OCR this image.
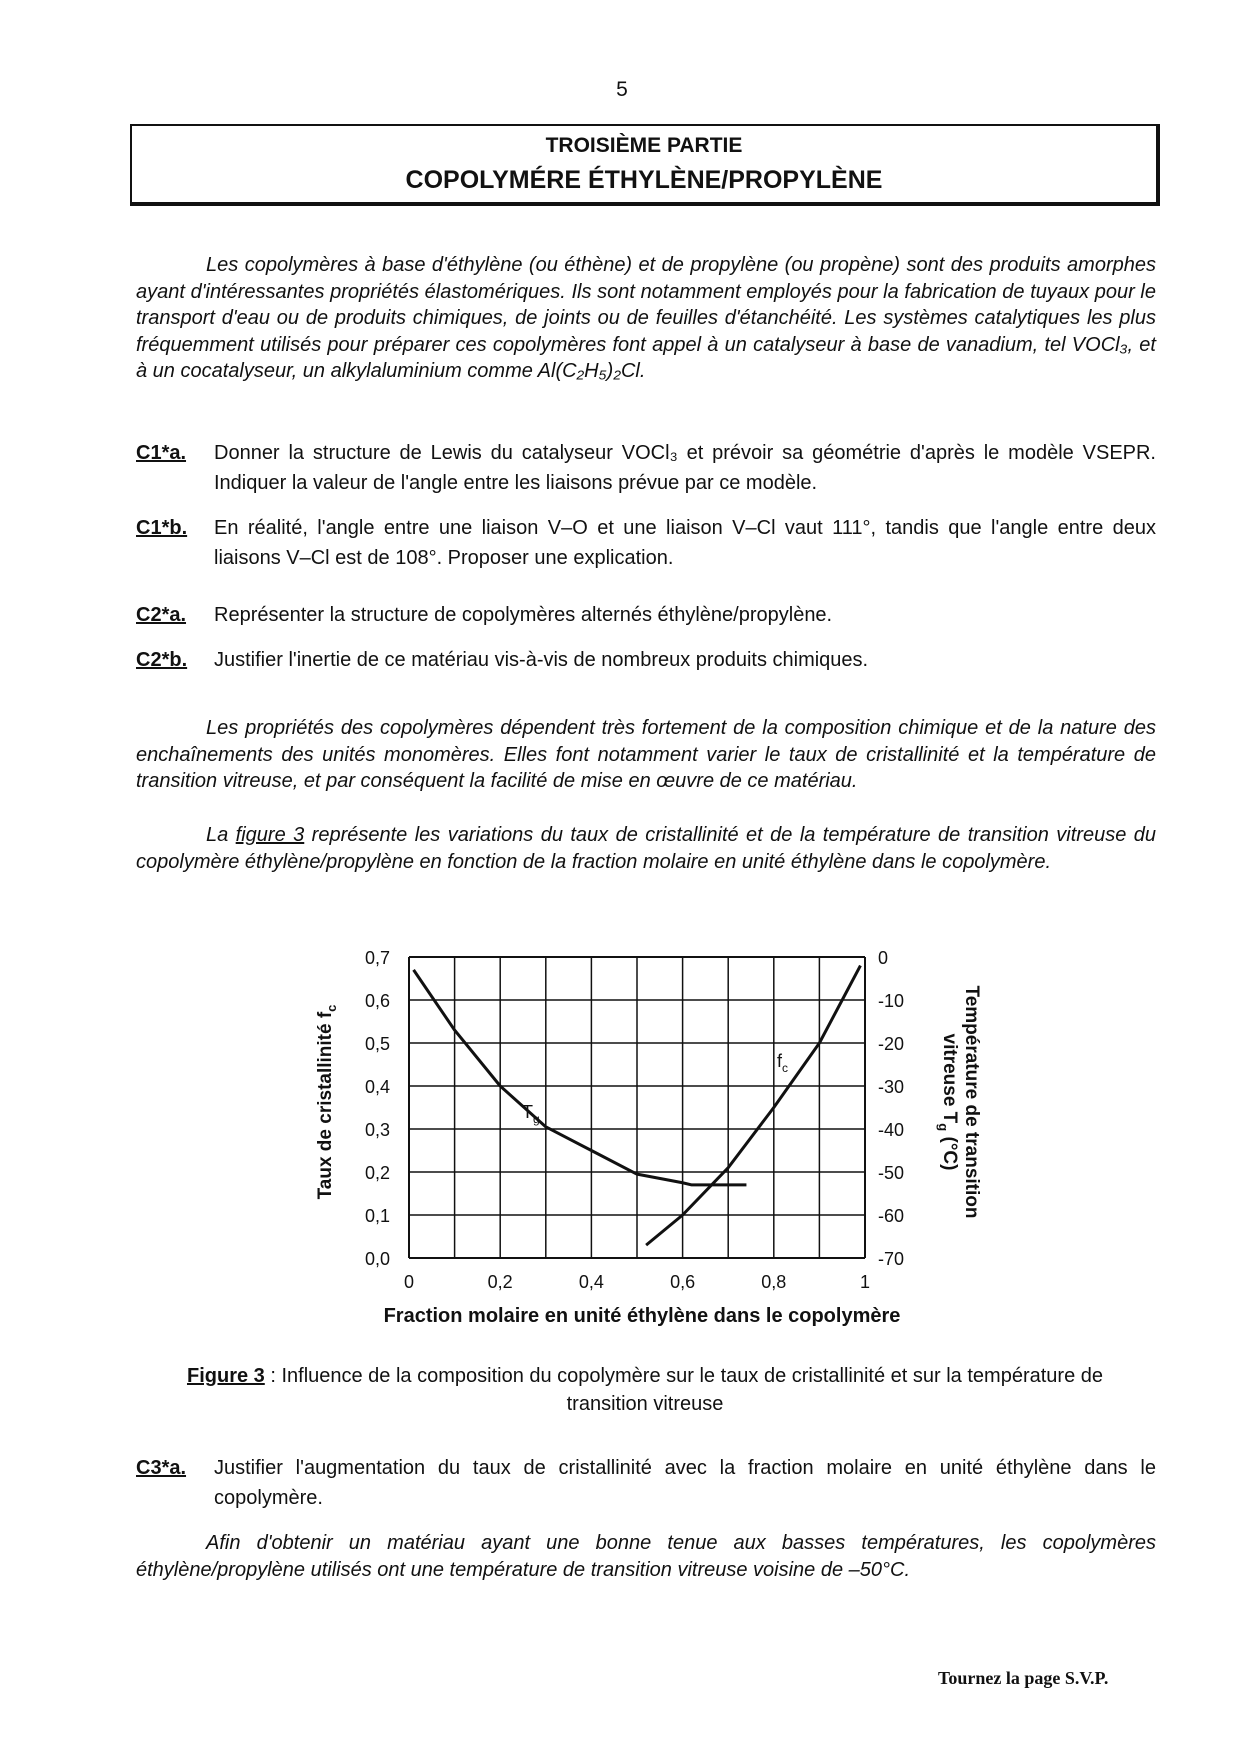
5
TROISIÈME PARTIE
COPOLYMÉRE ÉTHYLÈNE/PROPYLÈNE
Les copolymères à base d'éthylène (ou éthène) et de propylène (ou propène) sont des produits amorphes ayant d'intéressantes propriétés élastomériques. Ils sont notamment employés pour la fabrication de tuyaux pour le transport d'eau ou de produits chimiques, de joints ou de feuilles d'étanchéité. Les systèmes catalytiques les plus fréquemment utilisés pour préparer ces copolymères font appel à un catalyseur à base de vanadium, tel VOCl₃, et à un cocatalyseur, un alkylaluminium comme Al(C₂H₅)₂Cl.
C1*a.	Donner la structure de Lewis du catalyseur VOCl₃ et prévoir sa géométrie d'après le modèle VSEPR. Indiquer la valeur de l'angle entre les liaisons prévue par ce modèle.
C1*b.	En réalité, l'angle entre une liaison V–O et une liaison V–Cl vaut 111°, tandis que l'angle entre deux liaisons V–Cl est de 108°. Proposer une explication.
C2*a.	Représenter la structure de copolymères alternés éthylène/propylène.
C2*b.	Justifier l'inertie de ce matériau vis-à-vis de nombreux produits chimiques.
Les propriétés des copolymères dépendent très fortement de la composition chimique et de la nature des enchaînements des unités monomères. Elles font notamment varier le taux de cristallinité et la température de transition vitreuse, et par conséquent la facilité de mise en œuvre de ce matériau.
La figure 3 représente les variations du taux de cristallinité et de la température de transition vitreuse du copolymère éthylène/propylène en fonction de la fraction molaire en unité éthylène dans le copolymère.
0	0,2	0,4	0,6	0,8	1
0,0
0,1
0,2
0,3
0,4
0,5
0,6
0,7
-70
-60
-50
-40
-30
-20
-10
0
Fraction molaire en unité éthylène dans le copolymère
Taux de cristallinité $f_c$	Température de transition
vitreuse $T_g$ (°C)
$f_c$
$T_g$
Figure 3 : Influence de la composition du copolymère sur le taux de cristallinité et sur la température de transition vitreuse
C3*a.	Justifier l'augmentation du taux de cristallinité avec la fraction molaire en unité éthylène dans le copolymère.
Afin d'obtenir un matériau ayant une bonne tenue aux basses températures, les copolymères éthylène/propylène utilisés ont une température de transition vitreuse voisine de –50°C.
Tournez la page S.V.P.
